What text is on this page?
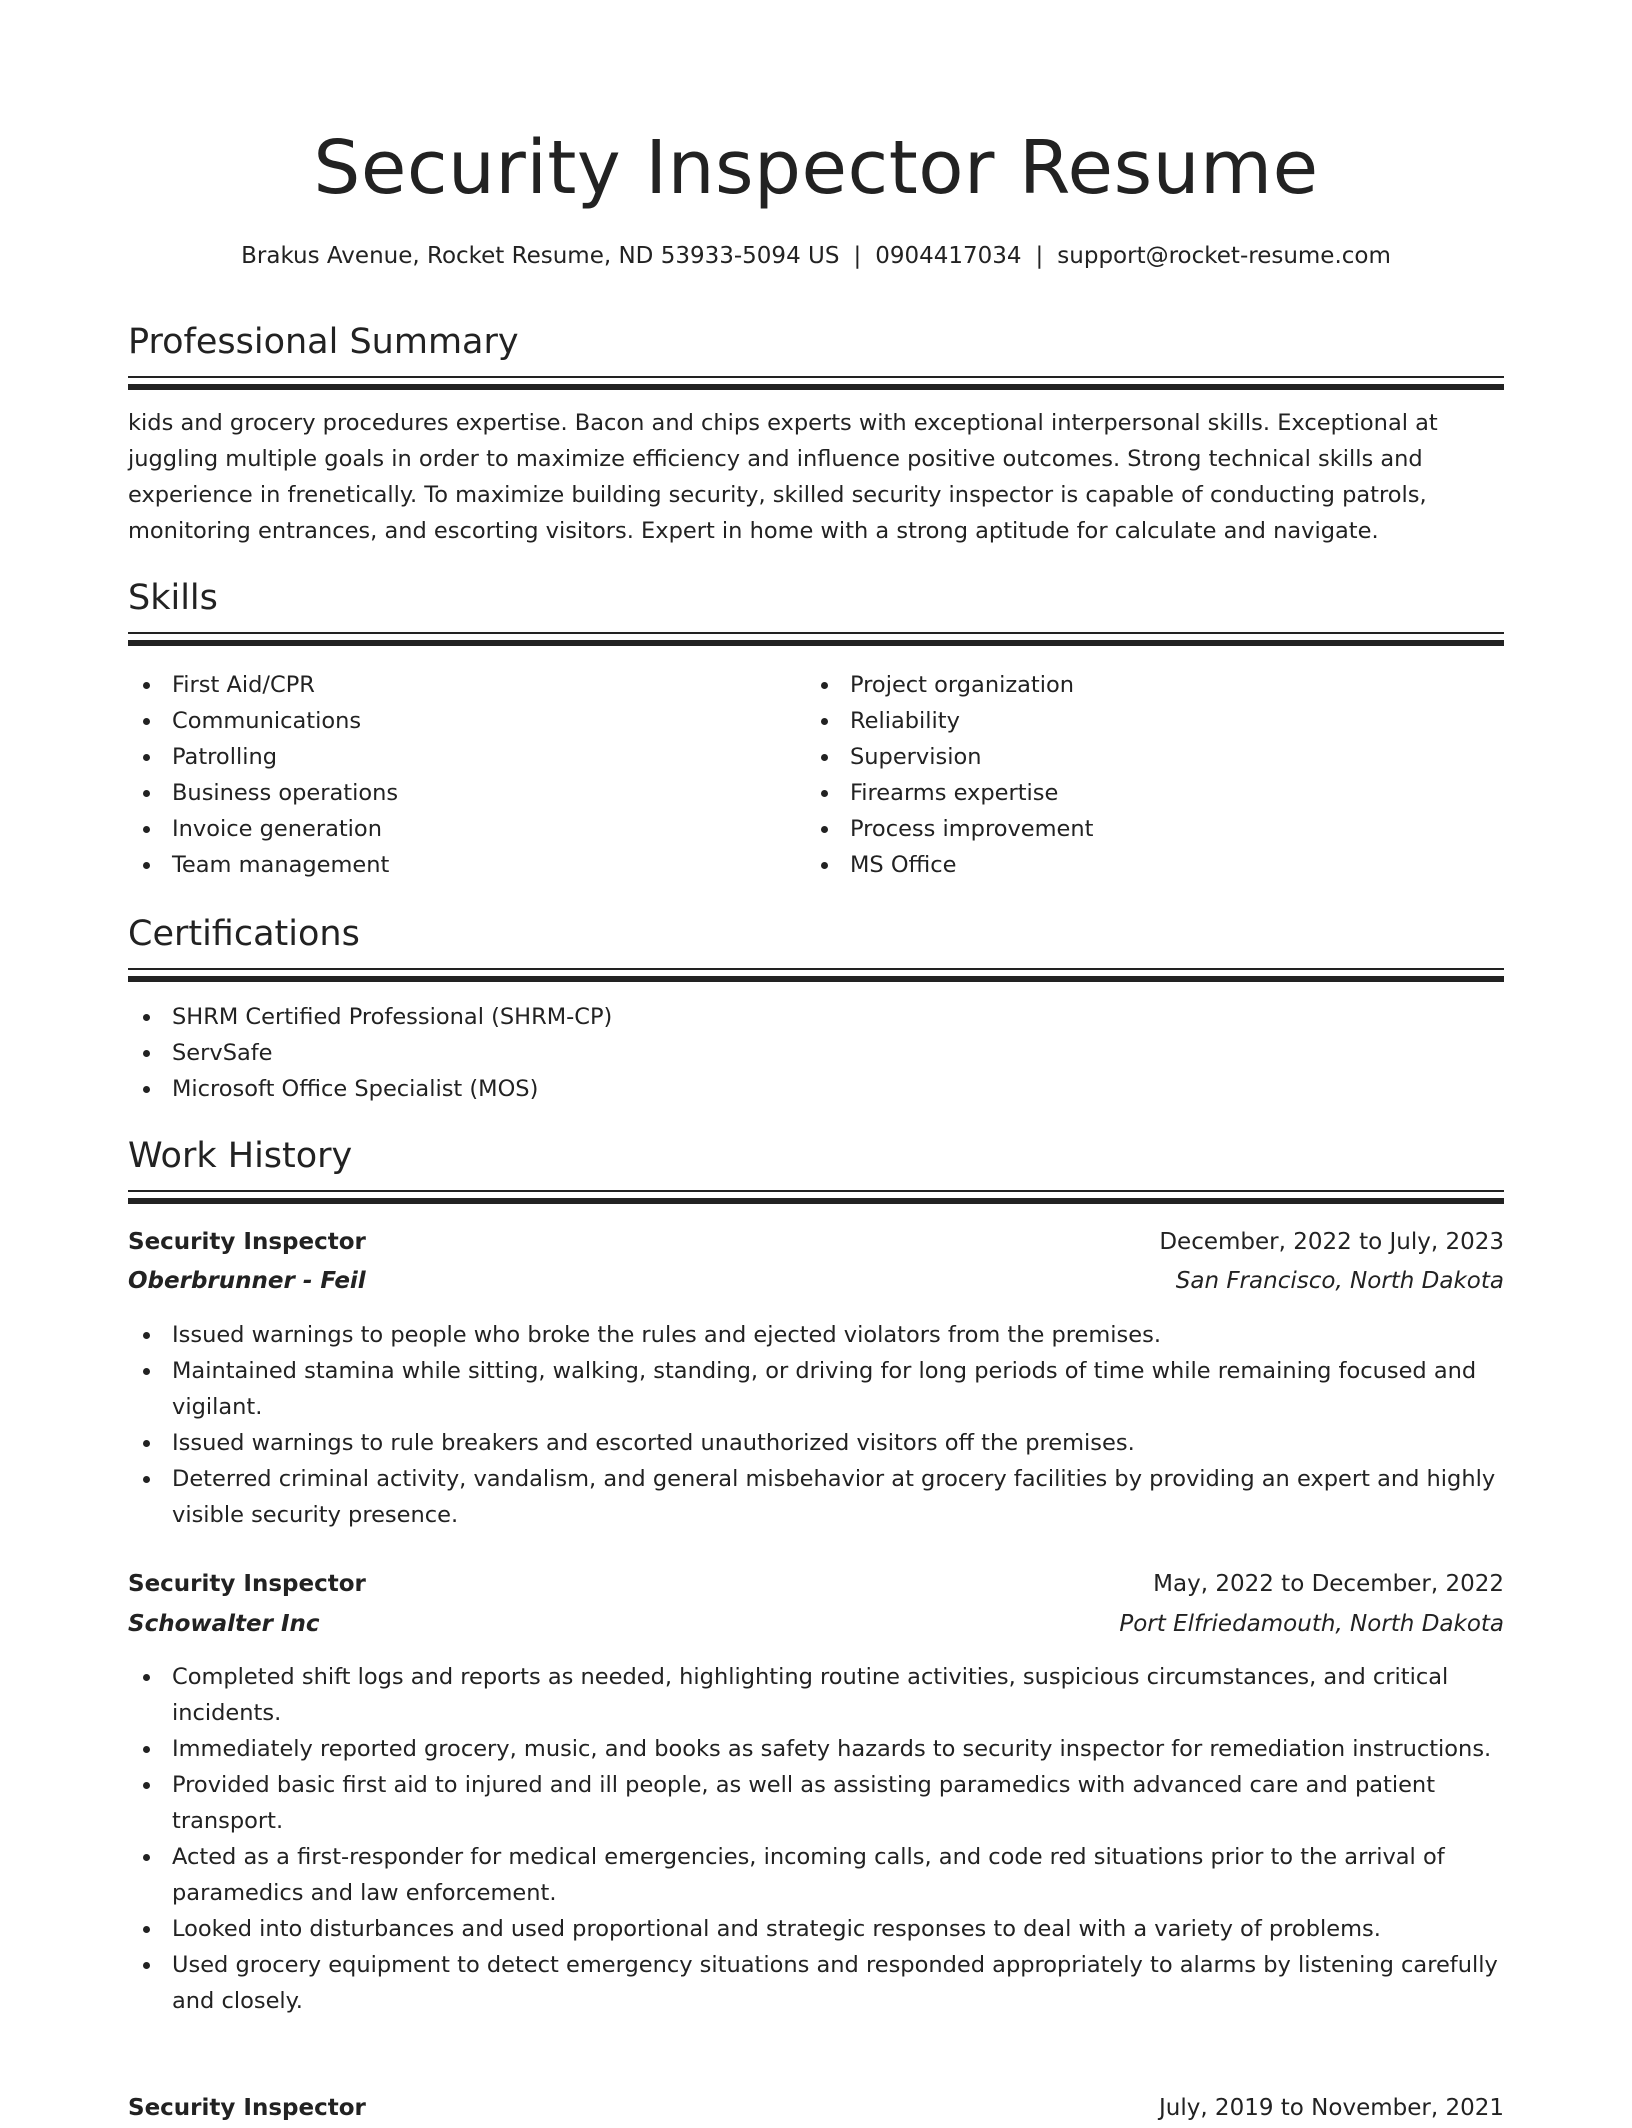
Security Inspector Resume
Brakus Avenue, Rocket Resume, ND 53933-5094 US | 0904417034 | support@rocket-resume.com
Professional Summary

kids and grocery procedures expertise. Bacon and chips experts with exceptional interpersonal skills. Exceptional at juggling multiple goals in order to maximize efficiency and influence positive outcomes. Strong technical skills and experience in frenetically. To maximize building security, skilled security inspector is capable of conducting patrols, monitoring entrances, and escorting visitors. Expert in home with a strong aptitude for calculate and navigate.

Skills
First Aid/CPR
Communications
Patrolling
Business operations
Invoice generation
Team management
Project organization
Reliability
Supervision
Firearms expertise
Process improvement
MS Office
Certifications
SHRM Certified Professional (SHRM-CP)
ServSafe
Microsoft Office Specialist (MOS)
Work History
Security Inspector	December, 2022 to July, 2023
Oberbrunner - Feil	San Francisco, North Dakota
Issued warnings to people who broke the rules and ejected violators from the premises.
Maintained stamina while sitting, walking, standing, or driving for long periods of time while remaining focused and vigilant.
Issued warnings to rule breakers and escorted unauthorized visitors off the premises.
Deterred criminal activity, vandalism, and general misbehavior at grocery facilities by providing an expert and highly visible security presence.
Security Inspector	May, 2022 to December, 2022
Schowalter Inc	Port Elfriedamouth, North Dakota
Completed shift logs and reports as needed, highlighting routine activities, suspicious circumstances, and critical incidents.
Immediately reported grocery, music, and books as safety hazards to security inspector for remediation instructions.
Provided basic first aid to injured and ill people, as well as assisting paramedics with advanced care and patient transport.
Acted as a first-responder for medical emergencies, incoming calls, and code red situations prior to the arrival of paramedics and law enforcement.
Looked into disturbances and used proportional and strategic responses to deal with a variety of problems.
Used grocery equipment to detect emergency situations and responded appropriately to alarms by listening carefully and closely.
Security Inspector	July, 2019 to November, 2021
